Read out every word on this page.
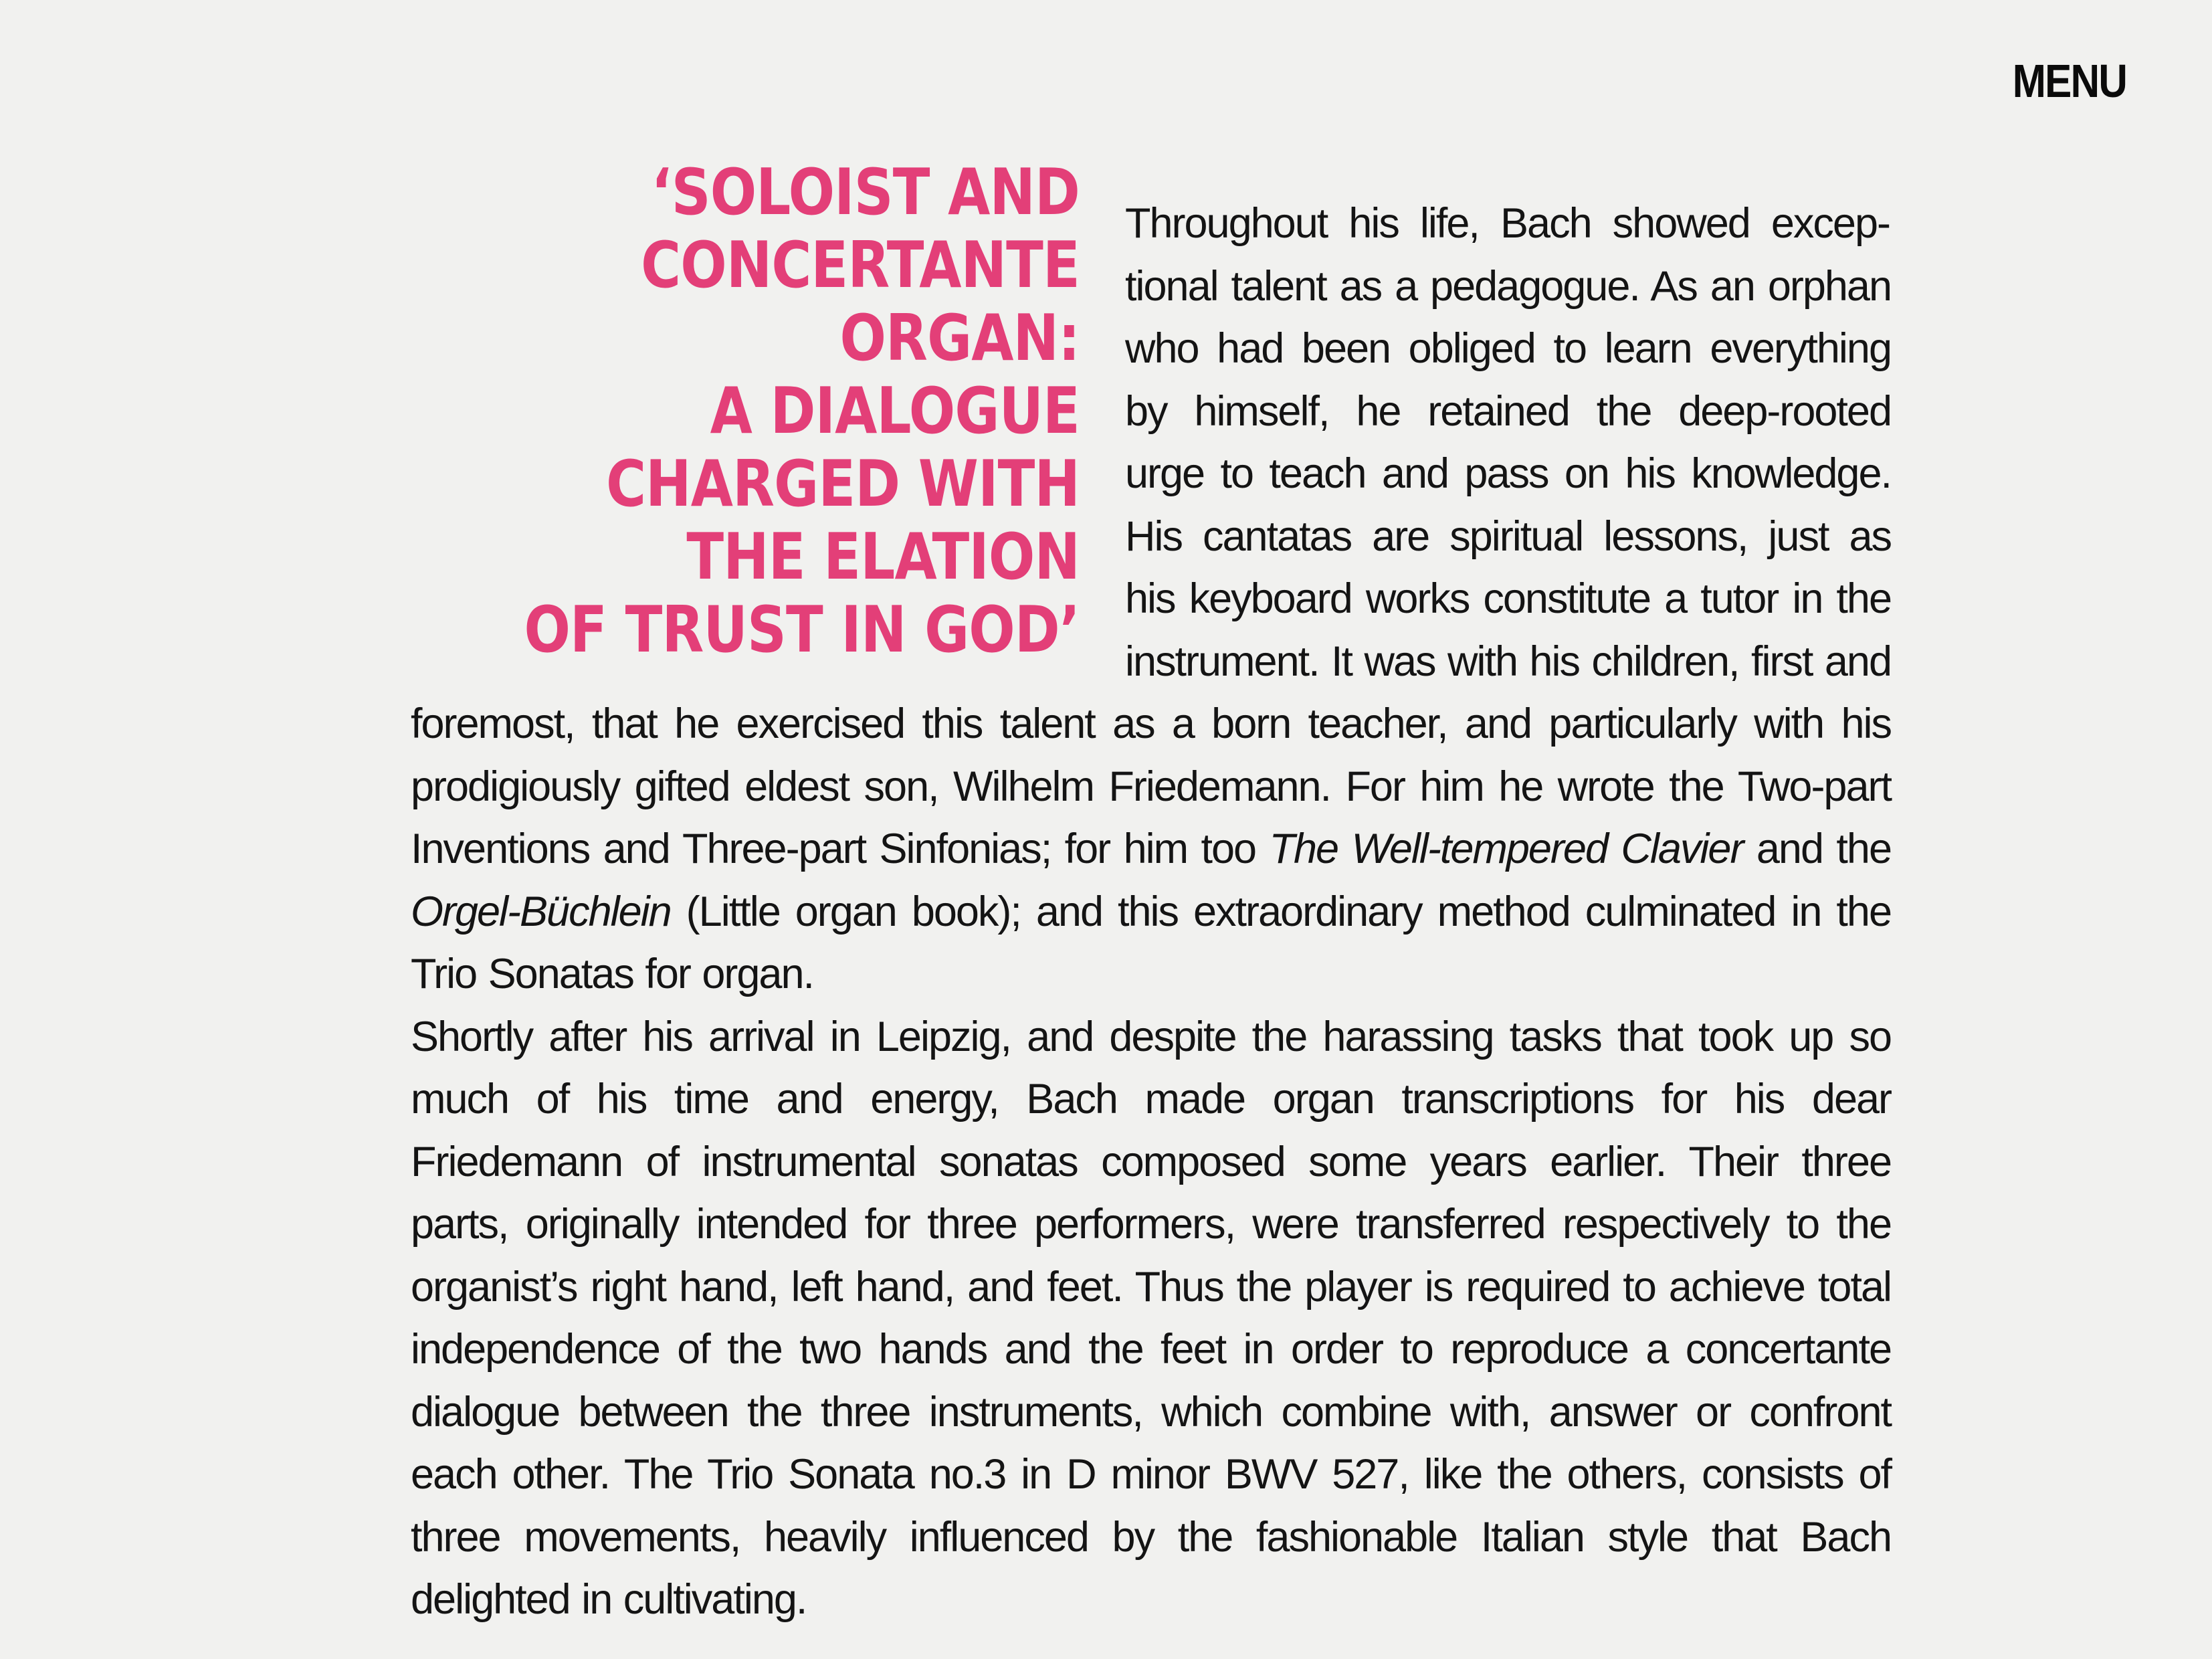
MENU
‘SOLOIST AND
CONCERTANTE
ORGAN:
A DIALOGUE
CHARGED WITH
THE ELATION
OF TRUST IN GOD’

Throughout his life, Bach showed exceptional talent as a pedagogue. As an orphan who had been obliged to learn everything by himself, he retained the deep-rooted urge to teach and pass on his knowledge. His cantatas are spiritual lessons, just as his keyboard works constitute a tutor in the instrument. It was with his children, first and foremost, that he exercised this talent as a born teacher, and particularly with his prodigiously gifted eldest son, Wilhelm Friedemann. For him he wrote the Two-part Inventions and Three-part Sinfonias; for him too The Well-tempered Clavier and the Orgel-Büchlein (Little organ book); and this extraordinary method culminated in the Trio Sonatas for organ.

Shortly after his arrival in Leipzig, and despite the harassing tasks that took up so much of his time and energy, Bach made organ transcriptions for his dear Friedemann of instrumental sonatas composed some years earlier. Their three parts, originally intended for three performers, were transferred respectively to the organist’s right hand, left hand, and feet. Thus the player is required to achieve total independence of the two hands and the feet in order to reproduce a concertante dialogue between the three instruments, which combine with, answer or confront each other. The Trio Sonata no.3 in D minor BWV 527, like the others, consists of three movements, heavily influenced by the fashionable Italian style that Bach delighted in cultivating.
